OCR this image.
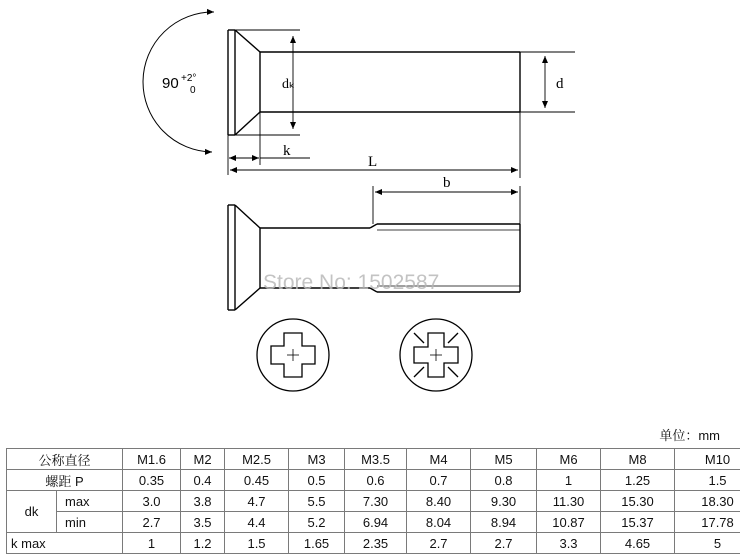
90 +2°
0	dₖ	d
k
L
b
Store No: 1502587
单位：mm
公称直径		M1.6	M2	M2.5	M3	M3.5	M4	M5	M6	M8	M10
螺距 P		0.35	0.4	0.45	0.5	0.6	0.7	0.8	1	1.25	1.5
dk	max	3.0	3.8	4.7	5.5	7.30	8.40	9.30	11.30	15.30	18.30
	min	2.7	3.5	4.4	5.2	6.94	8.04	8.94	10.87	15.37	17.78
k max		1	1.2	1.5	1.65	2.35	2.7	2.7	3.3	4.65	5
